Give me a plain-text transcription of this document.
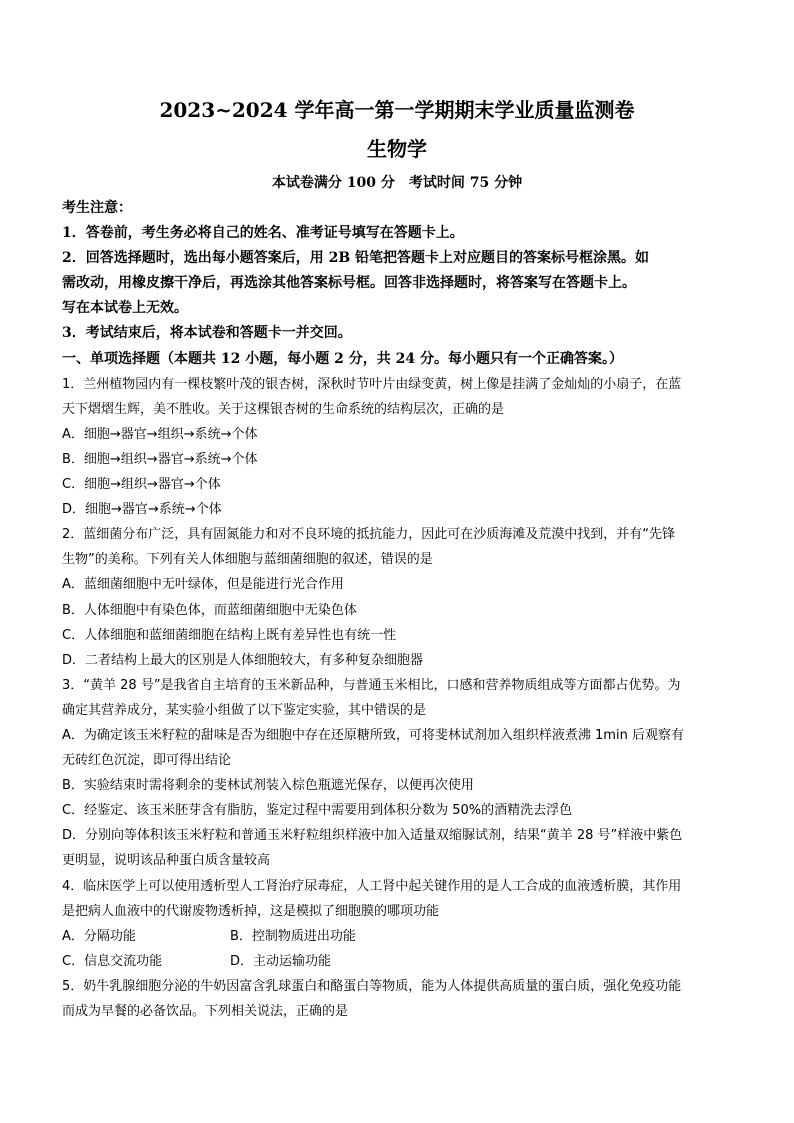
2023~2024 学年高一第一学期期末学业质量监测卷
生物学
本试卷满分 100 分　考试时间 75 分钟
考生注意：
1．答卷前，考生务必将自己的姓名、准考证号填写在答题卡上。
2．回答选择题时，选出每小题答案后，用 2B 铅笔把答题卡上对应题目的答案标号框涂黑。如
需改动，用橡皮擦干净后，再选涂其他答案标号框。回答非选择题时，将答案写在答题卡上。
写在本试卷上无效。
3．考试结束后，将本试卷和答题卡一并交回。
一、单项选择题（本题共 12 小题，每小题 2 分，共 24 分。每小题只有一个正确答案。）
1．兰州植物园内有一棵枝繁叶茂的银杏树，深秋时节叶片由绿变黄，树上像是挂满了金灿灿的小扇子，在蓝
天下熠熠生辉，美不胜收。关于这棵银杏树的生命系统的结构层次，正确的是
A．细胞→器官→组织→系统→个体
B．细胞→组织→器官→系统→个体
C．细胞→组织→器官→个体
D．细胞→器官→系统→个体
2．蓝细菌分布广泛，具有固氮能力和对不良环境的抵抗能力，因此可在沙质海滩及荒漠中找到，并有“先锋
生物”的美称。下列有关人体细胞与蓝细菌细胞的叙述，错误的是
A．蓝细菌细胞中无叶绿体，但是能进行光合作用
B．人体细胞中有染色体，而蓝细菌细胞中无染色体
C．人体细胞和蓝细菌细胞在结构上既有差异性也有统一性
D．二者结构上最大的区别是人体细胞较大，有多种复杂细胞器
3．“黄羊 28 号”是我省自主培育的玉米新品种，与普通玉米相比，口感和营养物质组成等方面都占优势。为
确定其营养成分，某实验小组做了以下鉴定实验，其中错误的是
A．为确定该玉米籽粒的甜味是否为细胞中存在还原糖所致，可将斐林试剂加入组织样液煮沸 1min 后观察有
无砖红色沉淀，即可得出结论
B．实验结束时需将剩余的斐林试剂装入棕色瓶遮光保存，以便再次使用
C．经鉴定、该玉米胚芽含有脂肪，鉴定过程中需要用到体积分数为 50%的酒精洗去浮色
D．分别向等体积该玉米籽粒和普通玉米籽粒组织样液中加入适量双缩脲试剂，结果“黄羊 28 号”样液中紫色
更明显，说明该品种蛋白质含量较高
4．临床医学上可以使用透析型人工肾治疗尿毒症，人工肾中起关键作用的是人工合成的血液透析膜，其作用
是把病人血液中的代谢废物透析掉，这是模拟了细胞膜的哪项功能
A．分隔功能	B．控制物质进出功能
C．信息交流功能	D．主动运输功能
5．奶牛乳腺细胞分泌的牛奶因富含乳球蛋白和酪蛋白等物质，能为人体提供高质量的蛋白质，强化免疫功能
而成为早餐的必备饮品。下列相关说法，正确的是
